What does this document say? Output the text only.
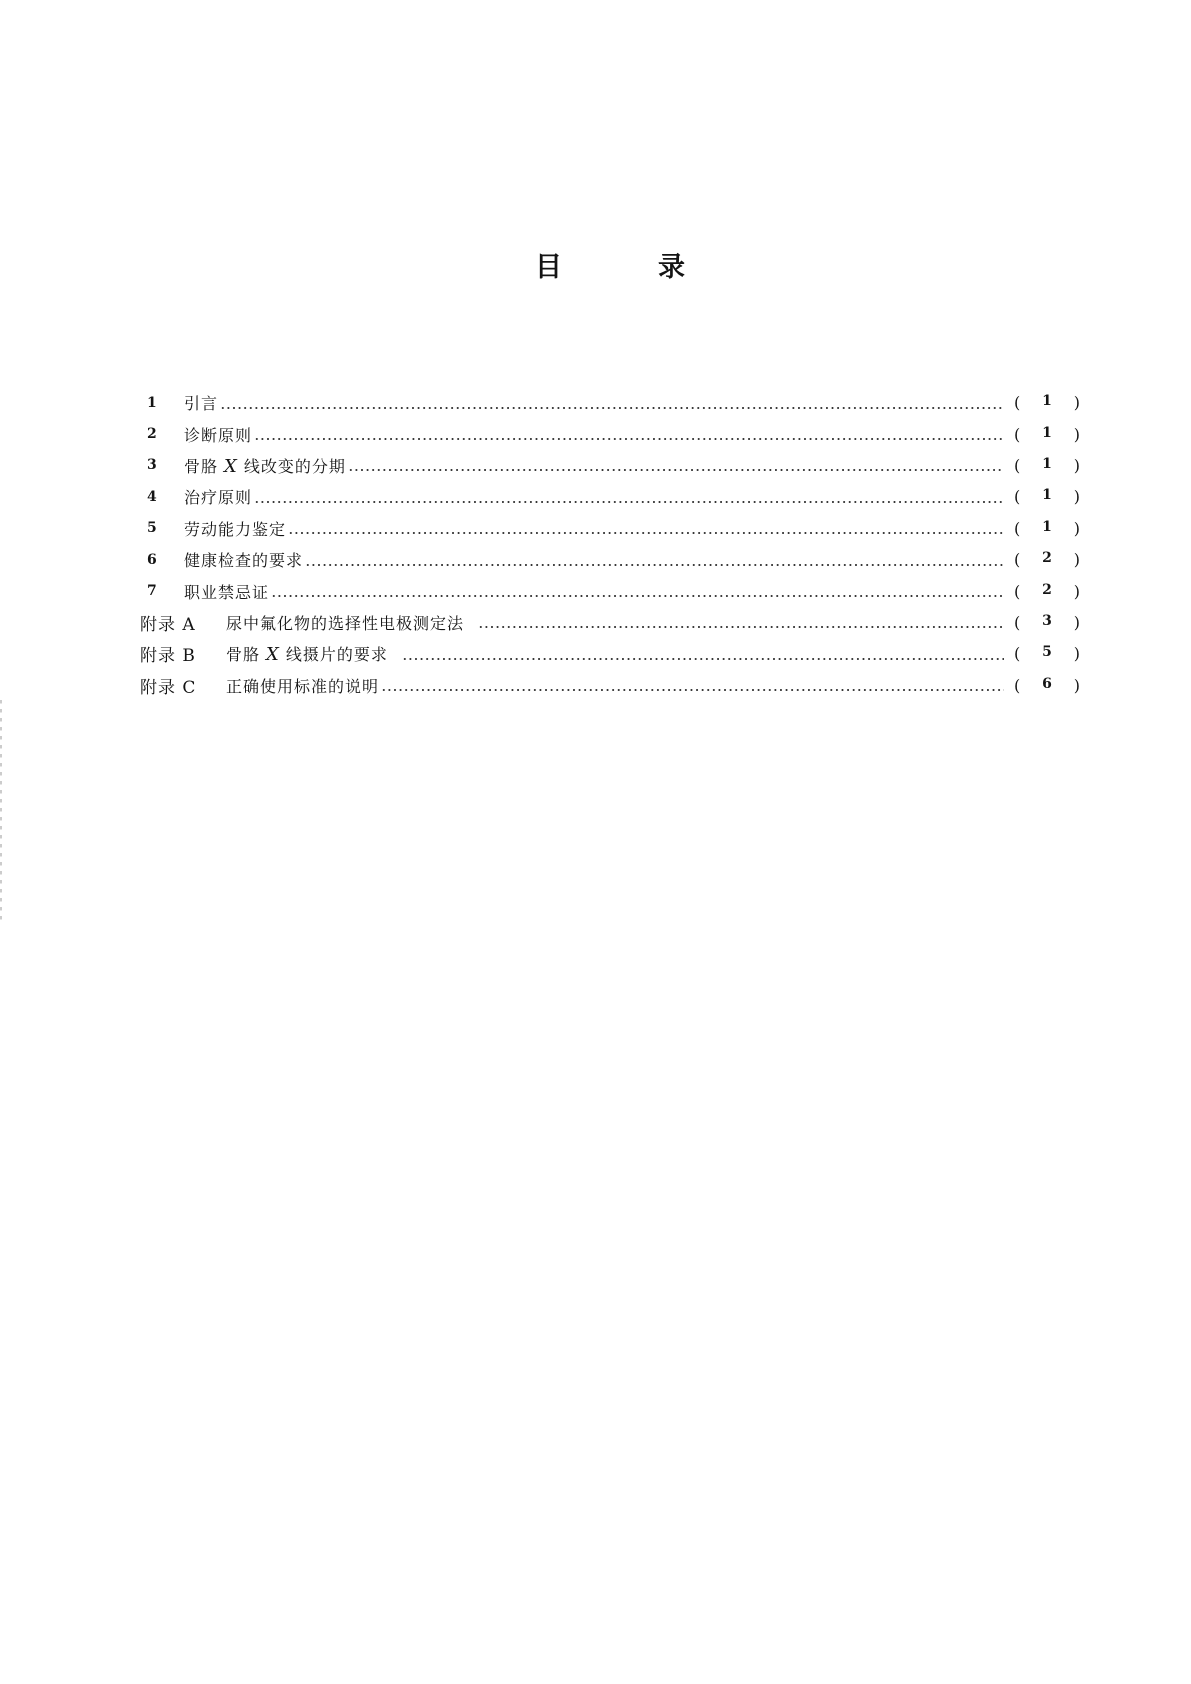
目	录
1	引言	(	1	)
2	诊断原则	(	1	)
3	骨胳 X 线改变的分期	(	1	)
4	治疗原则	(	1	)
5	劳动能力鉴定	(	1	)
6	健康检查的要求	(	2	)
7	职业禁忌证	(	2	)
附录 A	尿中氟化物的选择性电极测定法	(	3	)
附录 B	骨胳 X 线摄片的要求	(	5	)
附录 C	正确使用标准的说明	(	6	)
